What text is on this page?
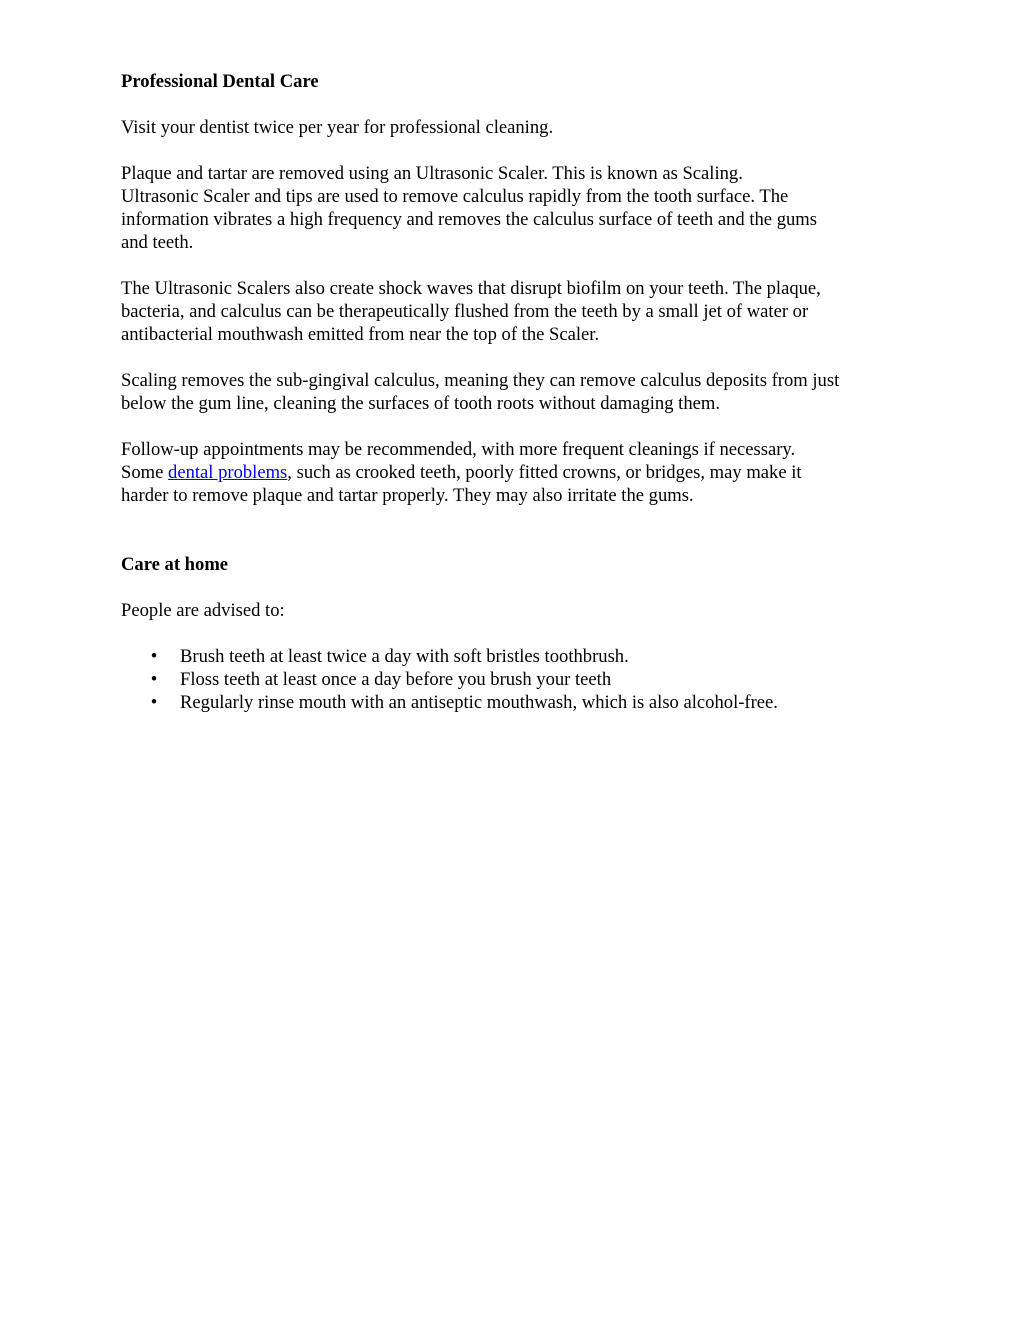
Professional Dental Care

Visit your dentist twice per year for professional cleaning.

Plaque and tartar are removed using an Ultrasonic Scaler. This is known as Scaling.

Ultrasonic Scaler and tips are used to remove calculus rapidly from the tooth surface. The

information vibrates a high frequency and removes the calculus surface of teeth and the gums

and teeth.

The Ultrasonic Scalers also create shock waves that disrupt biofilm on your teeth. The plaque,

bacteria, and calculus can be therapeutically flushed from the teeth by a small jet of water or

antibacterial mouthwash emitted from near the top of the Scaler.

Scaling removes the sub-gingival calculus, meaning they can remove calculus deposits from just

below the gum line, cleaning the surfaces of tooth roots without damaging them.

Follow-up appointments may be recommended, with more frequent cleanings if necessary.

Some dental problems, such as crooked teeth, poorly fitted crowns, or bridges, may make it

harder to remove plaque and tartar properly. They may also irritate the gums.

Care at home

People are advised to:

• Brush teeth at least twice a day with soft bristles toothbrush.
• Floss teeth at least once a day before you brush your teeth
• Regularly rinse mouth with an antiseptic mouthwash, which is also alcohol-free.
